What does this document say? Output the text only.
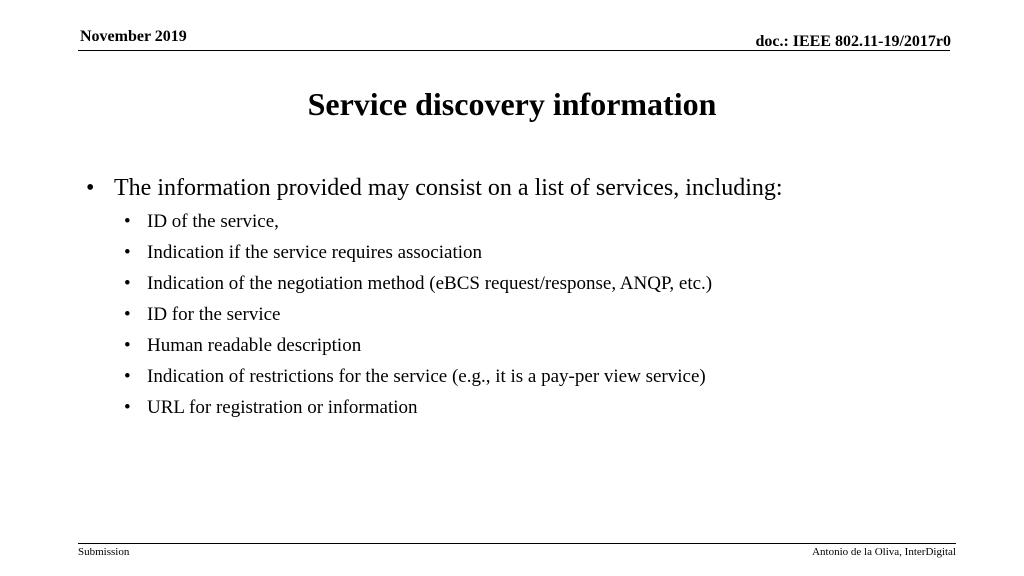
November 2019	doc.: IEEE 802.11-19/2017r0
Service discovery information
• The information provided may consist on a list of services, including:
• ID of the service,
• Indication if the service requires association
• Indication of the negotiation method (eBCS request/response, ANQP, etc.)
• ID for the service
• Human readable description
• Indication of restrictions for the service (e.g., it is a pay-per view service)
• URL for registration or information
Submission	Antonio de la Oliva, InterDigital
